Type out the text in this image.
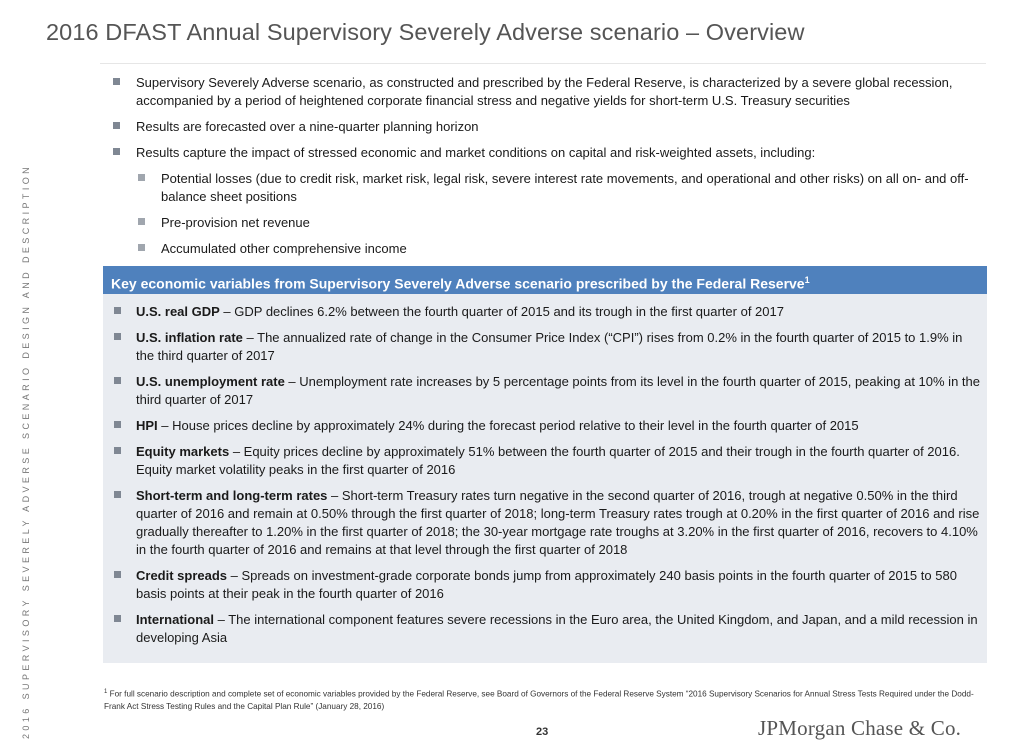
2016 DFAST Annual Supervisory Severely Adverse scenario – Overview
2016 SUPERVISORY SEVERELY ADVERSE SCENARIO DESIGN AND DESCRIPTION
Supervisory Severely Adverse scenario, as constructed and prescribed by the Federal Reserve, is characterized by a severe global recession, accompanied by a period of heightened corporate financial stress and negative yields for short-term U.S. Treasury securities
Results are forecasted over a nine-quarter planning horizon
Results capture the impact of stressed economic and market conditions on capital and risk-weighted assets, including:
Potential losses (due to credit risk, market risk, legal risk, severe interest rate movements, and operational and other risks) on all on- and off-balance sheet positions
Pre-provision net revenue
Accumulated other comprehensive income
Key economic variables from Supervisory Severely Adverse scenario prescribed by the Federal Reserve$^1$
U.S. real GDP – GDP declines 6.2% between the fourth quarter of 2015 and its trough in the first quarter of 2017
U.S. inflation rate – The annualized rate of change in the Consumer Price Index (“CPI”) rises from 0.2% in the fourth quarter of 2015 to 1.9% in the third quarter of 2017
U.S. unemployment rate – Unemployment rate increases by 5 percentage points from its level in the fourth quarter of 2015, peaking at 10% in the third quarter of 2017
HPI – House prices decline by approximately 24% during the forecast period relative to their level in the fourth quarter of 2015
Equity markets – Equity prices decline by approximately 51% between the fourth quarter of 2015 and their trough in the fourth quarter of 2016. Equity market volatility peaks in the first quarter of 2016
Short-term and long-term rates – Short-term Treasury rates turn negative in the second quarter of 2016, trough at negative 0.50% in the third quarter of 2016 and remain at 0.50% through the first quarter of 2018; long-term Treasury rates trough at 0.20% in the first quarter of 2016 and rise gradually thereafter to 1.20% in the first quarter of 2018; the 30-year mortgage rate troughs at 3.20% in the first quarter of 2016, recovers to 4.10% in the fourth quarter of 2016 and remains at that level through the first quarter of 2018
Credit spreads – Spreads on investment-grade corporate bonds jump from approximately 240 basis points in the fourth quarter of 2015 to 580 basis points at their peak in the fourth quarter of 2016
International – The international component features severe recessions in the Euro area, the United Kingdom, and Japan, and a mild recession in developing Asia
$^1$ For full scenario description and complete set of economic variables provided by the Federal Reserve, see Board of Governors of the Federal Reserve System “2016 Supervisory Scenarios for Annual Stress Tests Required under the Dodd-Frank Act Stress Testing Rules and the Capital Plan Rule” (January 28, 2016)
23	JPMorgan Chase & Co.
